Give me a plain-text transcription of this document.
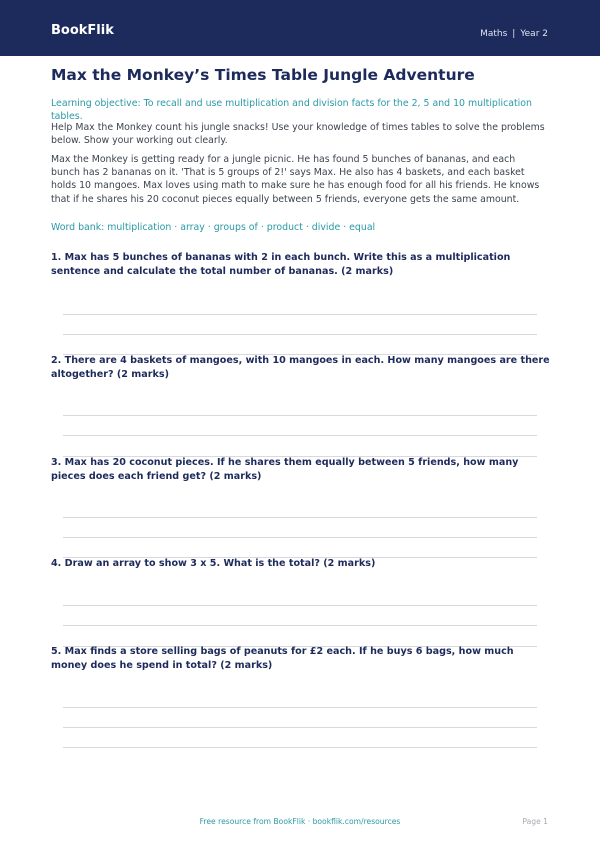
BookFlik	Maths | Year 2
Max the Monkey’s Times Table Jungle Adventure
Learning objective: To recall and use multiplication and division facts for the 2, 5 and 10 multiplication tables.

Help Max the Monkey count his jungle snacks! Use your knowledge of times tables to solve the problems below. Show your working out clearly.

Max the Monkey is getting ready for a jungle picnic. He has found 5 bunches of bananas, and each bunch has 2 bananas on it. 'That is 5 groups of 2!' says Max. He also has 4 baskets, and each basket holds 10 mangoes. Max loves using math to make sure he has enough food for all his friends. He knows that if he shares his 20 coconut pieces equally between 5 friends, everyone gets the same amount.

Word bank: multiplication · array · groups of · product · divide · equal

1. Max has 5 bunches of bananas with 2 in each bunch. Write this as a multiplication sentence and calculate the total number of bananas. (2 marks)

2. There are 4 baskets of mangoes, with 10 mangoes in each. How many mangoes are there altogether? (2 marks)

3. Max has 20 coconut pieces. If he shares them equally between 5 friends, how many pieces does each friend get? (2 marks)

4. Draw an array to show 3 x 5. What is the total? (2 marks)

5. Max finds a store selling bags of peanuts for £2 each. If he buys 6 bags, how much money does he spend in total? (2 marks)

Free resource from BookFlik · bookflik.com/resources	Page 1
